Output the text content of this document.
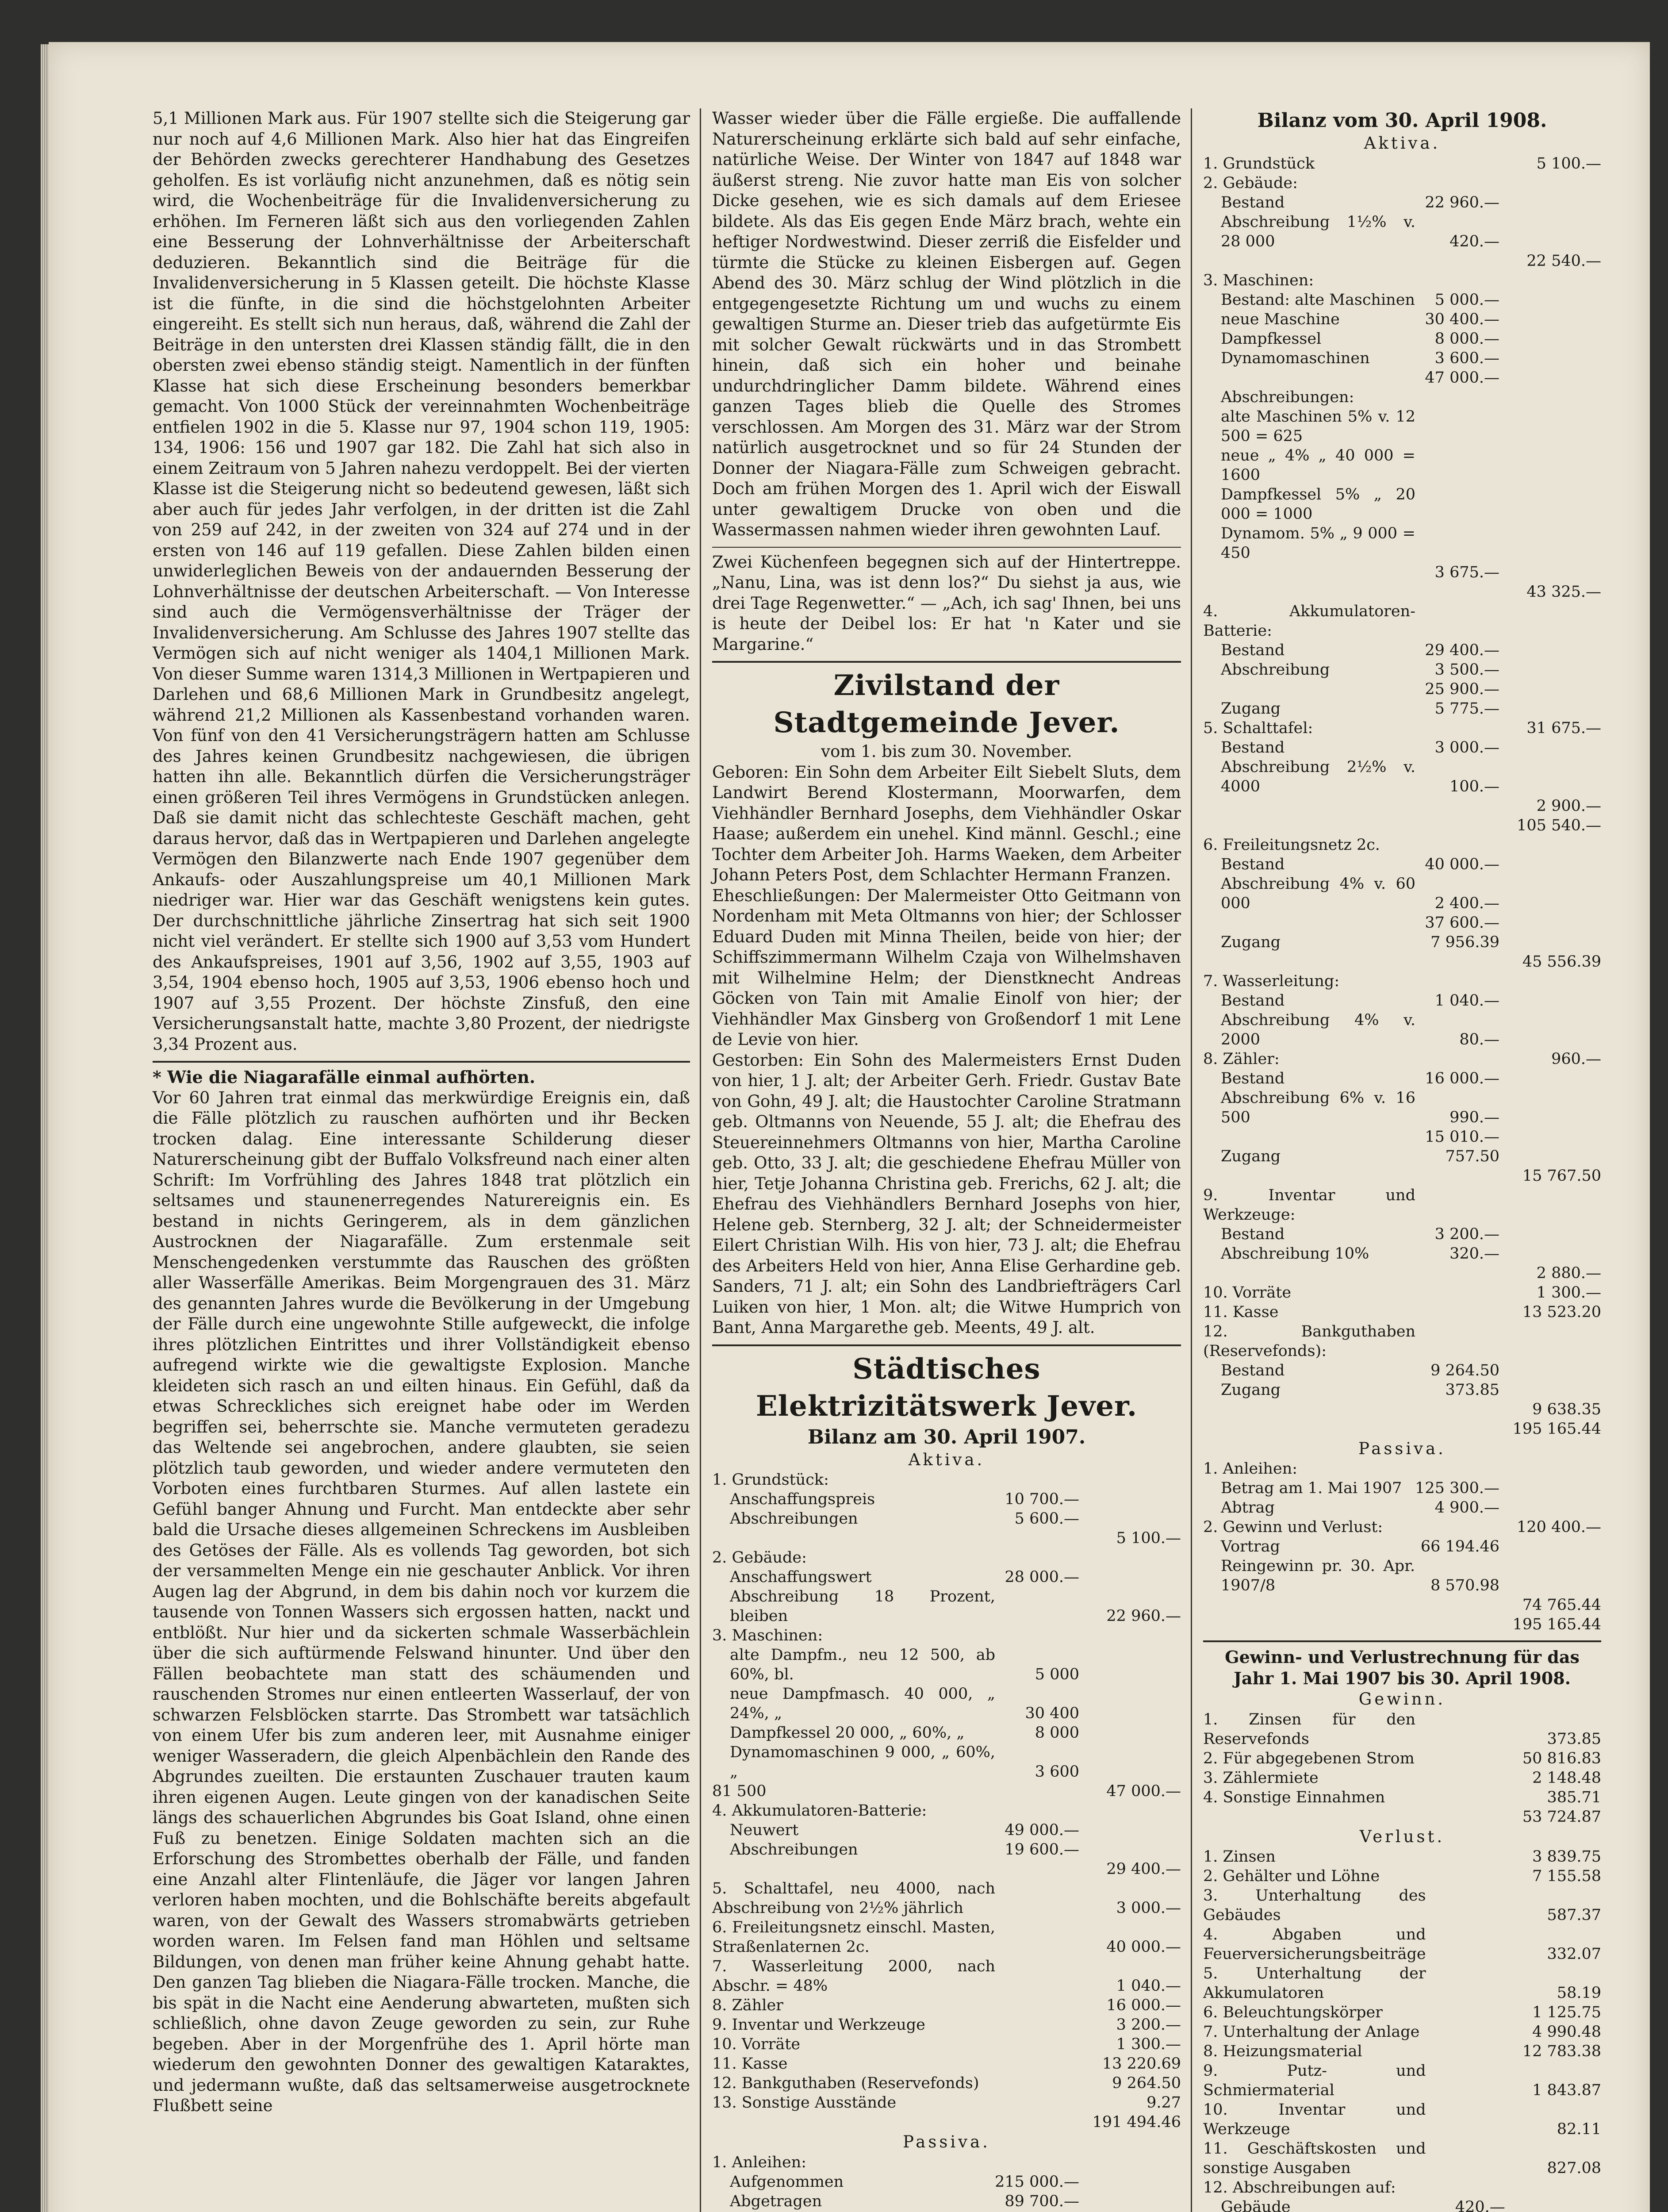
5,1 Millionen Mark aus. Für 1907 stellte sich die Steigerung gar nur noch auf 4,6 Millionen Mark. Also hier hat das Eingreifen der Behörden zwecks gerechterer Handhabung des Gesetzes geholfen. Es ist vorläufig nicht anzunehmen, daß es nötig sein wird, die Wochenbeiträge für die Invalidenversicherung zu erhöhen. Im Ferneren läßt sich aus den vorliegenden Zahlen eine Besserung der Lohnverhältnisse der Arbeiterschaft deduzieren. Bekanntlich sind die Beiträge für die Invalidenversicherung in 5 Klassen geteilt. Die höchste Klasse ist die fünfte, in die sind die höchstgelohnten Arbeiter eingereiht. Es stellt sich nun heraus, daß, während die Zahl der Beiträge in den untersten drei Klassen ständig fällt, die in den obersten zwei ebenso ständig steigt. Namentlich in der fünften Klasse hat sich diese Erscheinung besonders bemerkbar gemacht. Von 1000 Stück der vereinnahmten Wochenbeiträge entfielen 1902 in die 5. Klasse nur 97, 1904 schon 119, 1905: 134, 1906: 156 und 1907 gar 182. Die Zahl hat sich also in einem Zeitraum von 5 Jahren nahezu verdoppelt. Bei der vierten Klasse ist die Steigerung nicht so bedeutend gewesen, läßt sich aber auch für jedes Jahr verfolgen, in der dritten ist die Zahl von 259 auf 242, in der zweiten von 324 auf 274 und in der ersten von 146 auf 119 gefallen. Diese Zahlen bilden einen unwiderleglichen Beweis von der andauernden Besserung der Lohnverhältnisse der deutschen Arbeiterschaft. — Von Interesse sind auch die Vermögensverhältnisse der Träger der Invalidenversicherung. Am Schlusse des Jahres 1907 stellte das Vermögen sich auf nicht weniger als 1404,1 Millionen Mark. Von dieser Summe waren 1314,3 Millionen in Wertpapieren und Darlehen und 68,6 Millionen Mark in Grundbesitz angelegt, während 21,2 Millionen als Kassenbestand vorhanden waren. Von fünf von den 41 Versicherungsträgern hatten am Schlusse des Jahres keinen Grundbesitz nachgewiesen, die übrigen hatten ihn alle. Bekanntlich dürfen die Versicherungsträger einen größeren Teil ihres Vermögens in Grundstücken anlegen. Daß sie damit nicht das schlechteste Geschäft machen, geht daraus hervor, daß das in Wertpapieren und Darlehen angelegte Vermögen den Bilanzwerte nach Ende 1907 gegenüber dem Ankaufs- oder Auszahlungspreise um 40,1 Millionen Mark niedriger war. Hier war das Geschäft wenigstens kein gutes. Der durchschnittliche jährliche Zinsertrag hat sich seit 1900 nicht viel verändert. Er stellte sich 1900 auf 3,53 vom Hundert des Ankaufspreises, 1901 auf 3,56, 1902 auf 3,55, 1903 auf 3,54, 1904 ebenso hoch, 1905 auf 3,53, 1906 ebenso hoch und 1907 auf 3,55 Prozent. Der höchste Zinsfuß, den eine Versicherungsanstalt hatte, machte 3,80 Prozent, der niedrigste 3,34 Prozent aus.

* Wie die Niagarafälle einmal aufhörten.

Vor 60 Jahren trat einmal das merkwürdige Ereignis ein, daß die Fälle plötzlich zu rauschen aufhörten und ihr Becken trocken dalag. Eine interessante Schilderung dieser Naturerscheinung gibt der Buffalo Volksfreund nach einer alten Schrift: Im Vorfrühling des Jahres 1848 trat plötzlich ein seltsames und staunenerregendes Naturereignis ein. Es bestand in nichts Geringerem, als in dem gänzlichen Austrocknen der Niagarafälle. Zum erstenmale seit Menschengedenken verstummte das Rauschen des größten aller Wasserfälle Amerikas. Beim Morgengrauen des 31. März des genannten Jahres wurde die Bevölkerung in der Umgebung der Fälle durch eine ungewohnte Stille aufgeweckt, die infolge ihres plötzlichen Eintrittes und ihrer Vollständigkeit ebenso aufregend wirkte wie die gewaltigste Explosion. Manche kleideten sich rasch an und eilten hinaus. Ein Gefühl, daß da etwas Schreckliches sich ereignet habe oder im Werden begriffen sei, beherrschte sie. Manche vermuteten geradezu das Weltende sei angebrochen, andere glaubten, sie seien plötzlich taub geworden, und wieder andere vermuteten den Vorboten eines furchtbaren Sturmes. Auf allen lastete ein Gefühl banger Ahnung und Furcht. Man entdeckte aber sehr bald die Ursache dieses allgemeinen Schreckens im Ausbleiben des Getöses der Fälle. Als es vollends Tag geworden, bot sich der versammelten Menge ein nie geschauter Anblick. Vor ihren Augen lag der Abgrund, in dem bis dahin noch vor kurzem die tausende von Tonnen Wassers sich ergossen hatten, nackt und entblößt. Nur hier und da sickerten schmale Wasserbächlein über die sich auftürmende Felswand hinunter. Und über den Fällen beobachtete man statt des schäumenden und rauschenden Stromes nur einen entleerten Wasserlauf, der von schwarzen Felsblöcken starrte. Das Strombett war tatsächlich von einem Ufer bis zum anderen leer, mit Ausnahme einiger weniger Wasseradern, die gleich Alpenbächlein den Rande des Abgrundes zueilten. Die erstaunten Zuschauer trauten kaum ihren eigenen Augen. Leute gingen von der kanadischen Seite längs des schauerlichen Abgrundes bis Goat Island, ohne einen Fuß zu benetzen. Einige Soldaten machten sich an die Erforschung des Strombettes oberhalb der Fälle, und fanden eine Anzahl alter Flintenläufe, die Jäger vor langen Jahren verloren haben mochten, und die Bohlschäfte bereits abgefault waren, von der Gewalt des Wassers stromabwärts getrieben worden waren. Im Felsen fand man Höhlen und seltsame Bildungen, von denen man früher keine Ahnung gehabt hatte. Den ganzen Tag blieben die Niagara-Fälle trocken. Manche, die bis spät in die Nacht eine Aenderung abwarteten, mußten sich schließlich, ohne davon Zeuge geworden zu sein, zur Ruhe begeben. Aber in der Morgenfrühe des 1. April hörte man wiederum den gewohnten Donner des gewaltigen Kataraktes, und jedermann wußte, daß das seltsamerweise ausgetrocknete Flußbett seine

Wasser wieder über die Fälle ergieße. Die auffallende Naturerscheinung erklärte sich bald auf sehr einfache, natürliche Weise. Der Winter von 1847 auf 1848 war äußerst streng. Nie zuvor hatte man Eis von solcher Dicke gesehen, wie es sich damals auf dem Eriesee bildete. Als das Eis gegen Ende März brach, wehte ein heftiger Nordwestwind. Dieser zerriß die Eisfelder und türmte die Stücke zu kleinen Eisbergen auf. Gegen Abend des 30. März schlug der Wind plötzlich in die entgegengesetzte Richtung um und wuchs zu einem gewaltigen Sturme an. Dieser trieb das aufgetürmte Eis mit solcher Gewalt rückwärts und in das Strombett hinein, daß sich ein hoher und beinahe undurchdringlicher Damm bildete. Während eines ganzen Tages blieb die Quelle des Stromes verschlossen. Am Morgen des 31. März war der Strom natürlich ausgetrocknet und so für 24 Stunden der Donner der Niagara-Fälle zum Schweigen gebracht. Doch am frühen Morgen des 1. April wich der Eiswall unter gewaltigem Drucke von oben und die Wassermassen nahmen wieder ihren gewohnten Lauf.

Zwei Küchenfeen begegnen sich auf der Hintertreppe. „Nanu, Lina, was ist denn los?“ Du siehst ja aus, wie drei Tage Regenwetter.“ — „Ach, ich sag' Ihnen, bei uns is heute der Deibel los: Er hat 'n Kater und sie Margarine.“

Zivilstand der Stadtgemeinde Jever.

vom 1. bis zum 30. November.

Geboren: Ein Sohn dem Arbeiter Eilt Siebelt Sluts, dem Landwirt Berend Klostermann, Moorwarfen, dem Viehhändler Bernhard Josephs, dem Viehhändler Oskar Haase; außerdem ein unehel. Kind männl. Geschl.; eine Tochter dem Arbeiter Joh. Harms Waeken, dem Arbeiter Johann Peters Post, dem Schlachter Hermann Franzen.

Eheschließungen: Der Malermeister Otto Geitmann von Nordenham mit Meta Oltmanns von hier; der Schlosser Eduard Duden mit Minna Theilen, beide von hier; der Schiffszimmermann Wilhelm Czaja von Wilhelmshaven mit Wilhelmine Helm; der Dienstknecht Andreas Göcken von Tain mit Amalie Einolf von hier; der Viehhändler Max Ginsberg von Großendorf 1 mit Lene de Levie von hier.

Gestorben: Ein Sohn des Malermeisters Ernst Duden von hier, 1 J. alt; der Arbeiter Gerh. Friedr. Gustav Bate von Gohn, 49 J. alt; die Haustochter Caroline Stratmann geb. Oltmanns von Neuende, 55 J. alt; die Ehefrau des Steuereinnehmers Oltmanns von hier, Martha Caroline geb. Otto, 33 J. alt; die geschiedene Ehefrau Müller von hier, Tetje Johanna Christina geb. Frerichs, 62 J. alt; die Ehefrau des Viehhändlers Bernhard Josephs von hier, Helene geb. Sternberg, 32 J. alt; der Schneidermeister Eilert Christian Wilh. His von hier, 73 J. alt; die Ehefrau des Arbeiters Held von hier, Anna Elise Gerhardine geb. Sanders, 71 J. alt; ein Sohn des Landbriefträgers Carl Luiken von hier, 1 Mon. alt; die Witwe Humprich von Bant, Anna Margarethe geb. Meents, 49 J. alt.

Städtisches Elektrizitätswerk Jever.

Bilanz am 30. April 1907.

Aktiva.

1. Grundstück:		
Anschaffungspreis	10 700.—	
Abschreibungen	5 600.—	
		5 100.—
2. Gebäude:		
Anschaffungswert	28 000.—	
Abschreibung 18 Prozent, bleiben		22 960.—
3. Maschinen:		
alte Dampfm., neu 12 500, ab 60%, bl.	5 000	
neue Dampfmasch. 40 000, „ 24%, „	30 400	
Dampfkessel 20 000, „ 60%, „	8 000	
Dynamomaschinen 9 000, „ 60%, „	3 600	
81 500		47 000.—
4. Akkumulatoren-Batterie:		
Neuwert	49 000.—	
Abschreibungen	19 600.—	
		29 400.—
5. Schalttafel, neu 4000, nach Abschreibung von 2½% jährlich		3 000.—
6. Freileitungsnetz einschl. Masten, Straßenlaternen 2c.		40 000.—
7. Wasserleitung 2000, nach Abschr. = 48%		1 040.—
8. Zähler		16 000.—
9. Inventar und Werkzeuge		3 200.—
10. Vorräte		1 300.—
11. Kasse		13 220.69
12. Bankguthaben (Reservefonds)		9 264.50
13. Sonstige Ausstände		9.27
		191 494.46

Passiva.

1. Anleihen:		
Aufgenommen	215 000.—	
Abgetragen	89 700.—	

Bilanz vom 30. April 1908.

Aktiva.

1. Grundstück		5 100.—
2. Gebäude:		
Bestand	22 960.—	
Abschreibung 1½% v. 28 000	420.—	
		22 540.—
3. Maschinen:		
Bestand: alte Maschinen	5 000.—	
neue Maschine	30 400.—	
Dampfkessel	8 000.—	
Dynamomaschinen	3 600.—	
	47 000.—	
Abschreibungen:		
alte Maschinen 5% v. 12 500 = 625		
neue „ 4% „ 40 000 = 1600		
Dampfkessel 5% „ 20 000 = 1000		
Dynamom. 5% „ 9 000 = 450		
	3 675.—	
		43 325.—
4. Akkumulatoren-Batterie:		
Bestand	29 400.—	
Abschreibung	3 500.—	
	25 900.—	
Zugang	5 775.—	
5. Schalttafel:		31 675.—
Bestand	3 000.—	
Abschreibung 2½% v. 4000	100.—	
		2 900.—
		105 540.—
6. Freileitungsnetz 2c.		
Bestand	40 000.—	
Abschreibung 4% v. 60 000	2 400.—	
	37 600.—	
Zugang	7 956.39	
		45 556.39
7. Wasserleitung:		
Bestand	1 040.—	
Abschreibung 4% v. 2000	80.—	
8. Zähler:		960.—
Bestand	16 000.—	
Abschreibung 6% v. 16 500	990.—	
	15 010.—	
Zugang	757.50	
		15 767.50
9. Inventar und Werkzeuge:		
Bestand	3 200.—	
Abschreibung 10%	320.—	
		2 880.—
10. Vorräte		1 300.—
11. Kasse		13 523.20
12. Bankguthaben (Reservefonds):		
Bestand	9 264.50	
Zugang	373.85	
		9 638.35
		195 165.44

Passiva.

1. Anleihen:		
Betrag am 1. Mai 1907	125 300.—	
Abtrag	4 900.—	
2. Gewinn und Verlust:		120 400.—
Vortrag	66 194.46	
Reingewinn pr. 30. Apr. 1907/8	8 570.98	
		74 765.44
		195 165.44

Gewinn- und Verlustrechnung für das Jahr 1. Mai 1907 bis 30. April 1908.

Gewinn.

1. Zinsen für den Reservefonds		373.85
2. Für abgegebenen Strom		50 816.83
3. Zählermiete		2 148.48
4. Sonstige Einnahmen		385.71
		53 724.87

Verlust.

1. Zinsen		3 839.75
2. Gehälter und Löhne		7 155.58
3. Unterhaltung des Gebäudes		587.37
4. Abgaben und Feuerversicherungsbeiträge		332.07
5. Unterhaltung der Akkumulatoren		58.19
6. Beleuchtungskörper		1 125.75
7. Unterhaltung der Anlage		4 990.48
8. Heizungsmaterial		12 783.38
9. Putz- und Schmiermaterial		1 843.87
10. Inventar und Werkzeuge		82.11
11. Geschäftskosten und sonstige Ausgaben		827.08
12. Abschreibungen auf:		
Gebäude	420.—	
